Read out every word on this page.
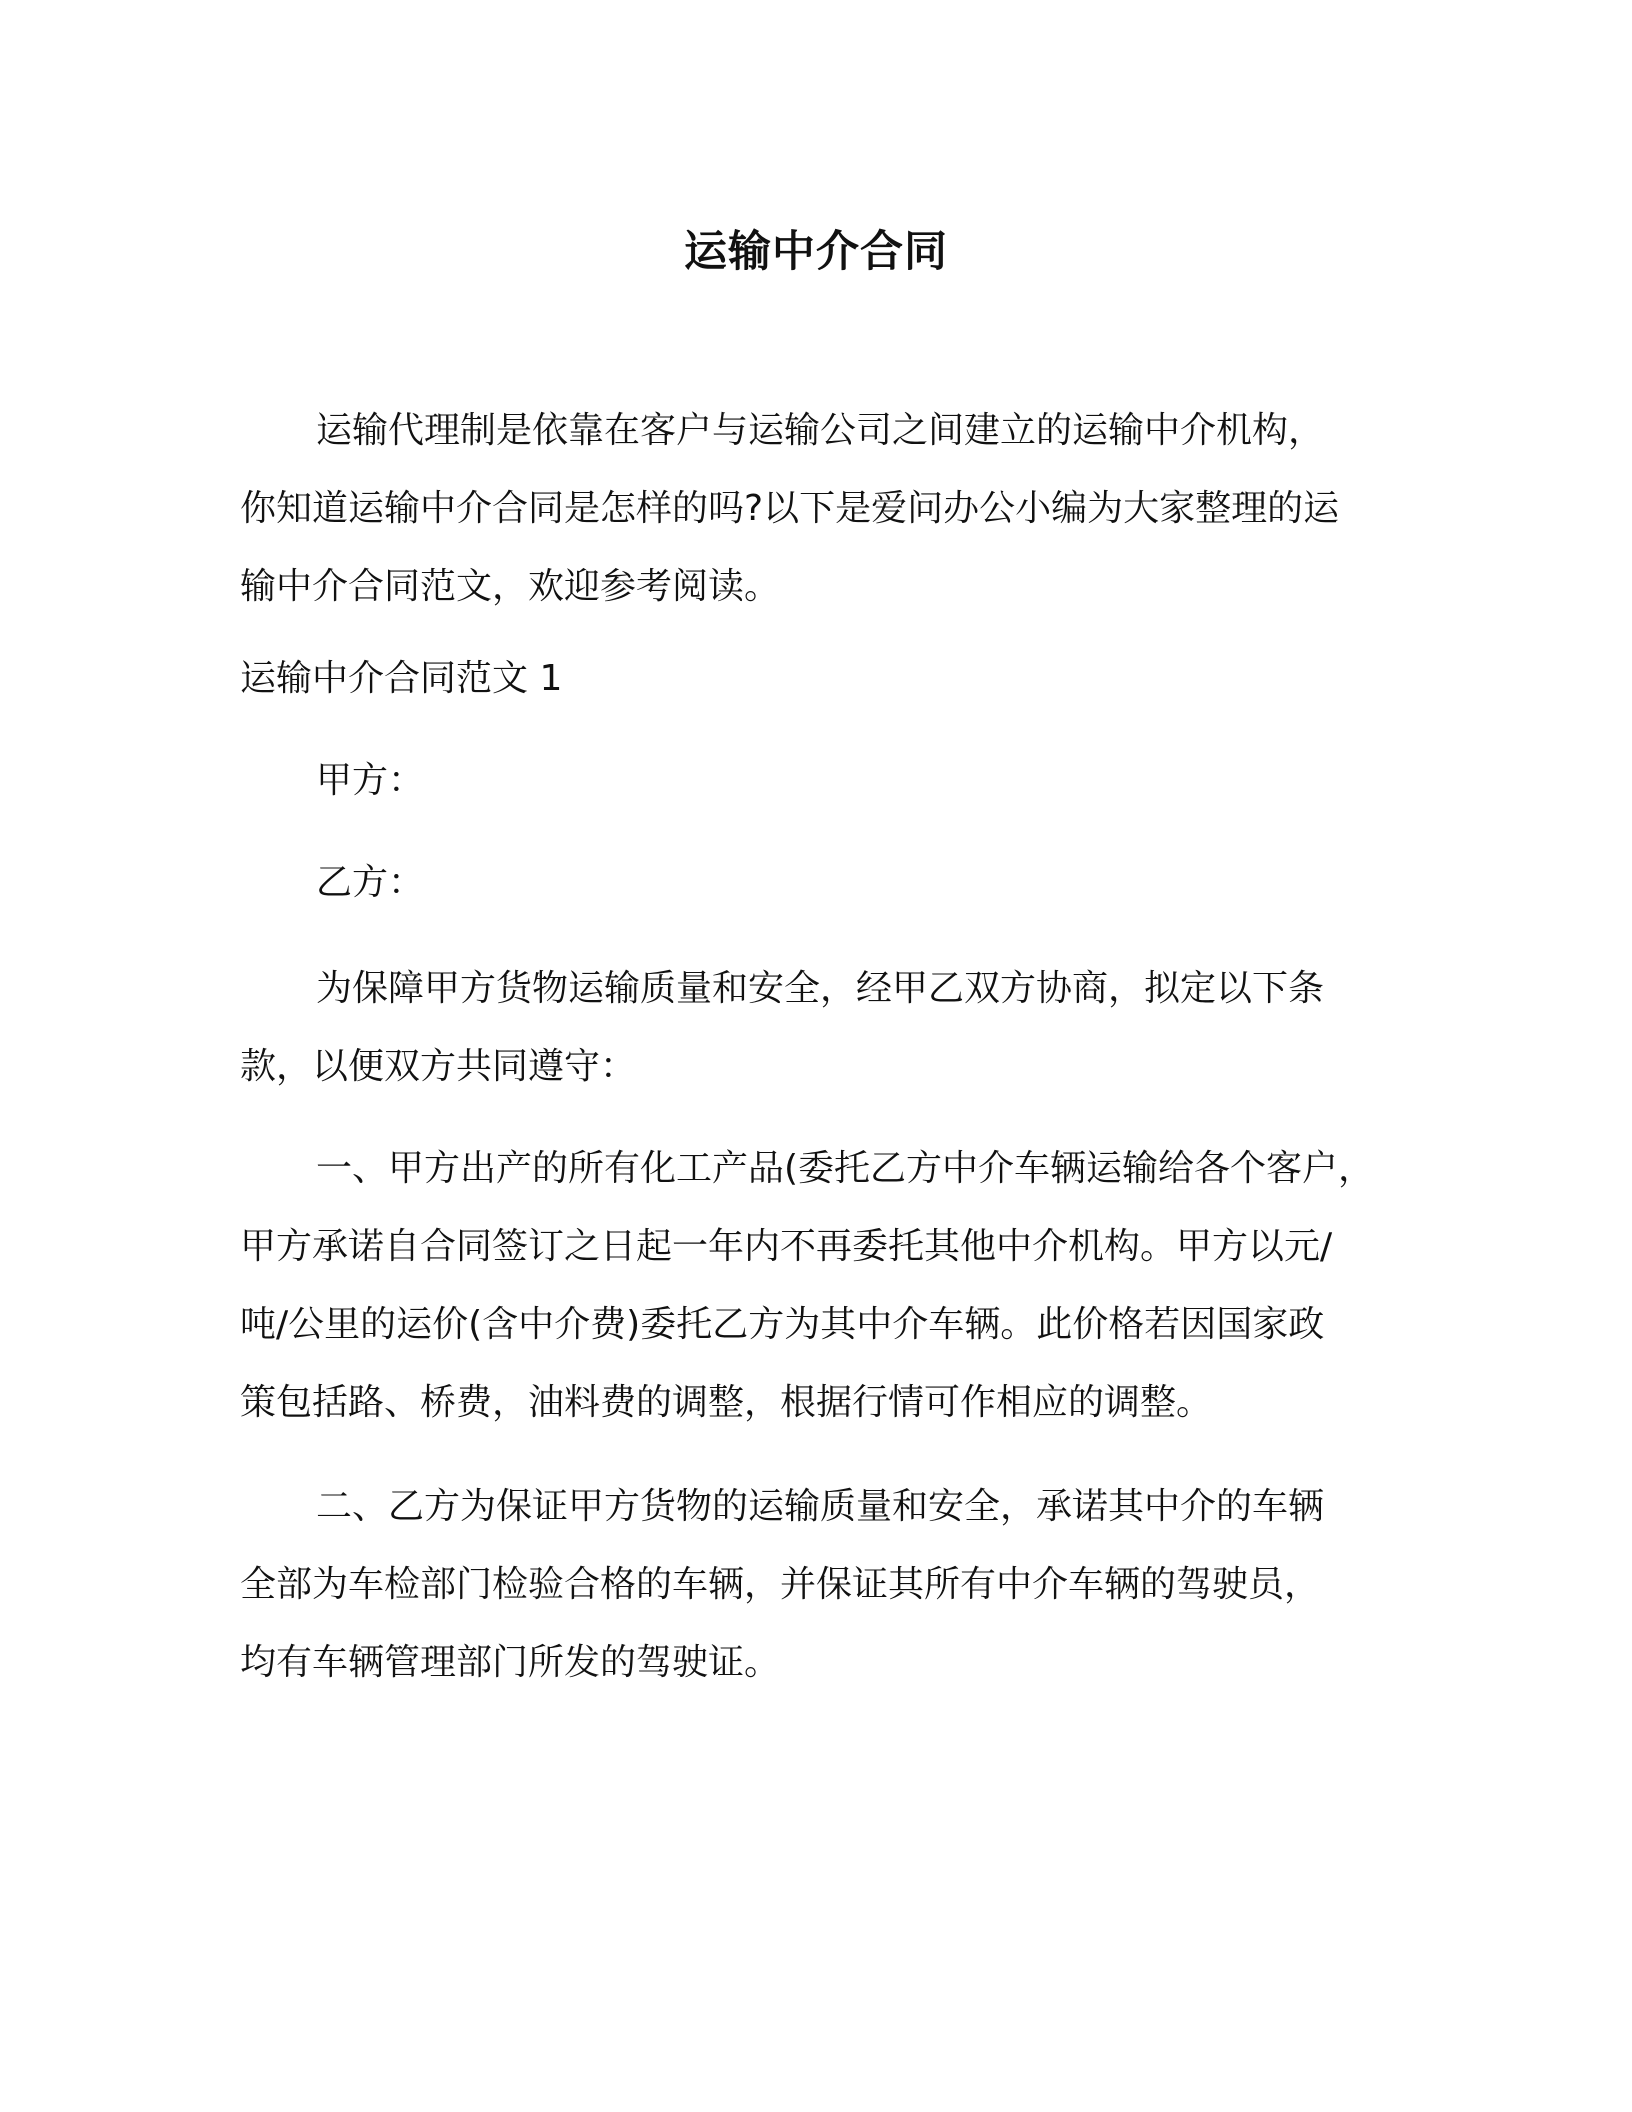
运输中介合同
运输代理制是依靠在客户与运输公司之间建立的运输中介机构，
你知道运输中介合同是怎样的吗?以下是爱问办公小编为大家整理的运
输中介合同范文，欢迎参考阅读。
运输中介合同范文 1
甲方：
乙方：
为保障甲方货物运输质量和安全，经甲乙双方协商，拟定以下条
款，以便双方共同遵守：
一、甲方出产的所有化工产品(委托乙方中介车辆运输给各个客户，
甲方承诺自合同签订之日起一年内不再委托其他中介机构。甲方以元/
吨/公里的运价(含中介费)委托乙方为其中介车辆。此价格若因国家政
策包括路、桥费，油料费的调整，根据行情可作相应的调整。
二、乙方为保证甲方货物的运输质量和安全，承诺其中介的车辆
全部为车检部门检验合格的车辆，并保证其所有中介车辆的驾驶员，
均有车辆管理部门所发的驾驶证。
